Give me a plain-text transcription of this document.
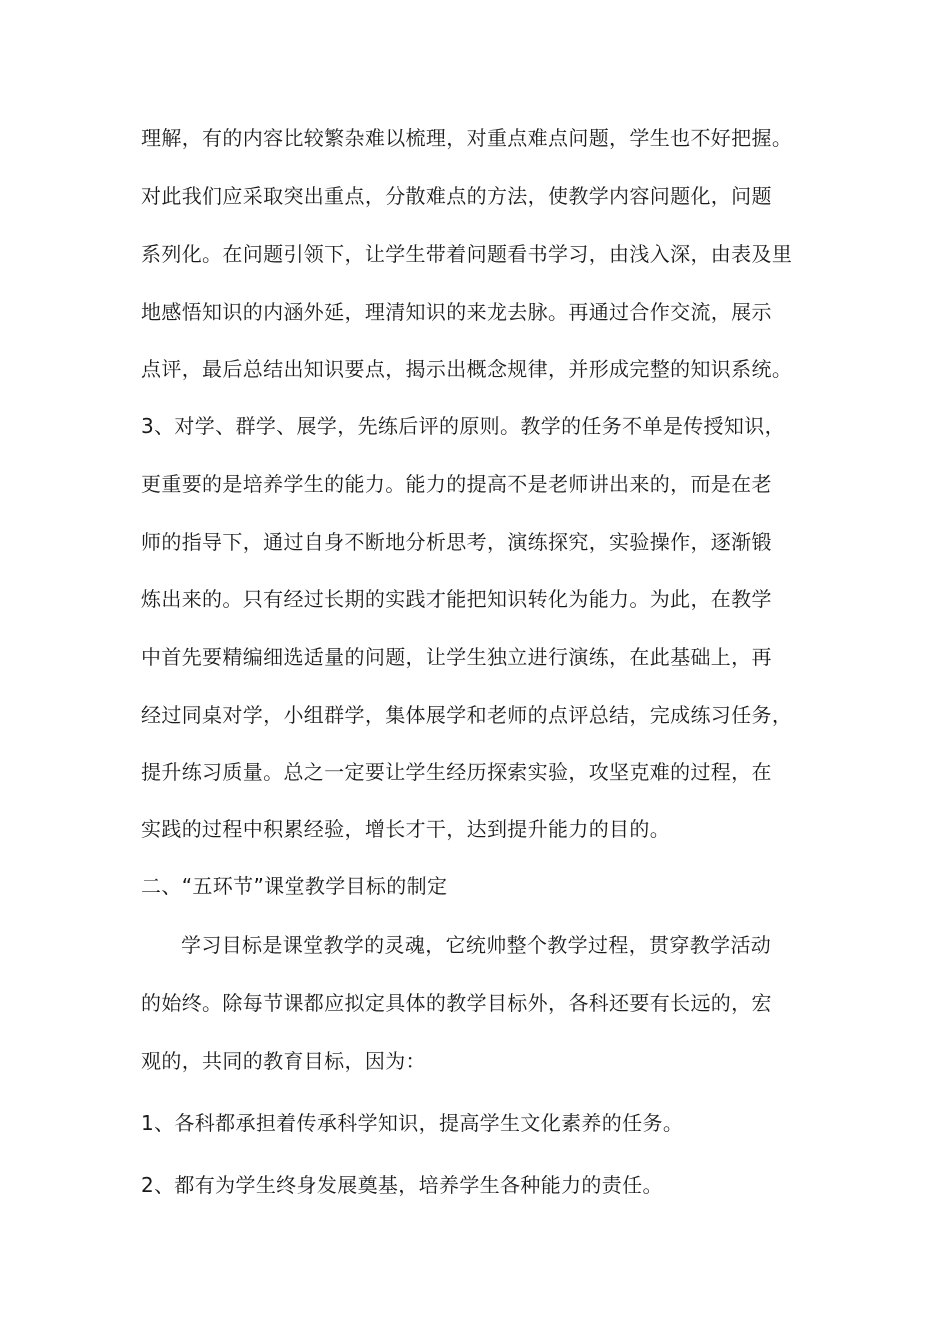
理解，有的内容比较繁杂难以梳理，对重点难点问题，学生也不好把握。
对此我们应采取突出重点，分散难点的方法，使教学内容问题化，问题
系列化。在问题引领下，让学生带着问题看书学习，由浅入深，由表及里
地感悟知识的内涵外延，理清知识的来龙去脉。再通过合作交流，展示
点评，最后总结出知识要点，揭示出概念规律，并形成完整的知识系统。
3、对学、群学、展学，先练后评的原则。教学的任务不单是传授知识，
更重要的是培养学生的能力。能力的提高不是老师讲出来的，而是在老
师的指导下，通过自身不断地分析思考，演练探究，实验操作，逐渐锻
炼出来的。只有经过长期的实践才能把知识转化为能力。为此，在教学
中首先要精编细选适量的问题，让学生独立进行演练，在此基础上，再
经过同桌对学，小组群学，集体展学和老师的点评总结，完成练习任务，
提升练习质量。总之一定要让学生经历探索实验，攻坚克难的过程，在
实践的过程中积累经验，增长才干，达到提升能力的目的。
二、“五环节”课堂教学目标的制定
学习目标是课堂教学的灵魂，它统帅整个教学过程，贯穿教学活动
的始终。除每节课都应拟定具体的教学目标外，各科还要有长远的，宏
观的，共同的教育目标，因为：
1、各科都承担着传承科学知识，提高学生文化素养的任务。
2、都有为学生终身发展奠基，培养学生各种能力的责任。
